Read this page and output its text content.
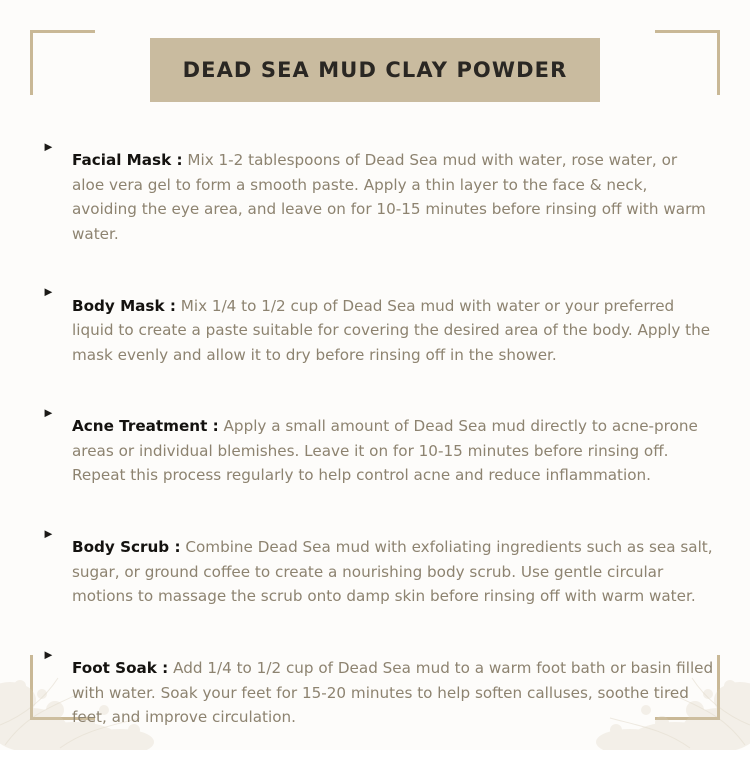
DEAD SEA MUD CLAY POWDER
►

Facial Mask : Mix 1-2 tablespoons of Dead Sea mud with water, rose water, or aloe vera gel to form a smooth paste. Apply a thin layer to the face & neck, avoiding the eye area, and leave on for 10-15 minutes before rinsing off with warm water.

►

Body Mask : Mix 1/4 to 1/2 cup of Dead Sea mud with water or your preferred liquid to create a paste suitable for covering the desired area of the body. Apply the mask evenly and allow it to dry before rinsing off in the shower.

►

Acne Treatment : Apply a small amount of Dead Sea mud directly to acne-prone areas or individual blemishes. Leave it on for 10-15 minutes before rinsing off. Repeat this process regularly to help control acne and reduce inflammation.

►

Body Scrub : Combine Dead Sea mud with exfoliating ingredients such as sea salt, sugar, or ground coffee to create a nourishing body scrub. Use gentle circular motions to massage the scrub onto damp skin before rinsing off with warm water.

►

Foot Soak : Add 1/4 to 1/2 cup of Dead Sea mud to a warm foot bath or basin filled with water. Soak your feet for 15-20 minutes to help soften calluses, soothe tired feet, and improve circulation.
